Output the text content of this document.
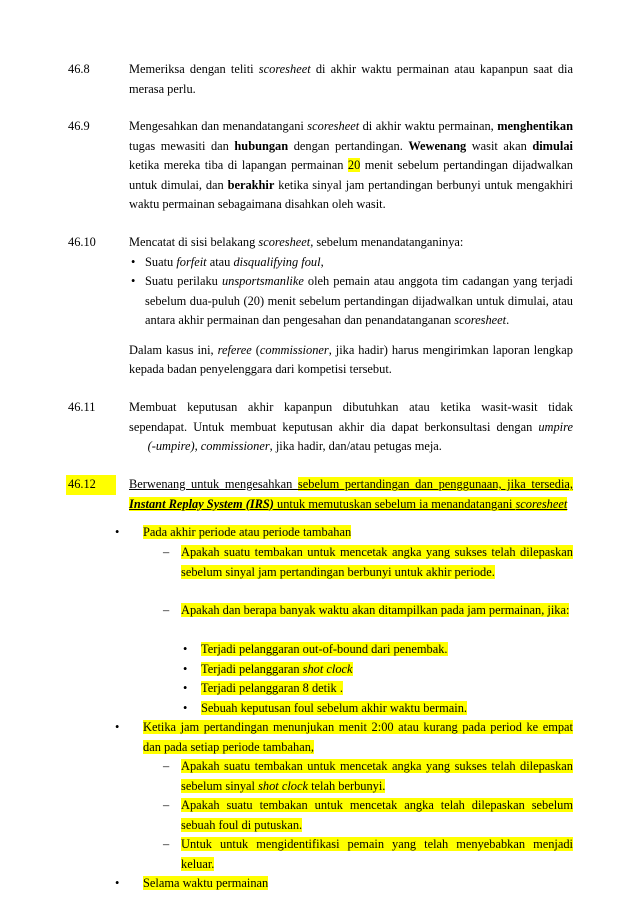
46.8	Memeriksa dengan teliti scoresheet di akhir waktu permainan atau kapanpun saat dia merasa perlu.

46.9	Mengesahkan dan menandatangani scoresheet di akhir waktu permainan, menghentikan tugas mewasiti dan hubungan dengan pertandingan. Wewenang wasit akan dimulai ketika mereka tiba di lapangan permainan 20 menit sebelum pertandingan dijadwalkan untuk dimulai, dan berakhir ketika sinyal jam pertandingan berbunyi untuk mengakhiri waktu permainan sebagaimana disahkan oleh wasit.

46.10	Mencatat di sisi belakang scoresheet, sebelum menandatanganinya:

• Suatu forfeit atau disqualifying foul,

• Suatu perilaku unsportsmanlike oleh pemain atau anggota tim cadangan yang terjadi sebelum dua-puluh (20) menit sebelum pertandingan dijadwalkan untuk dimulai, atau antara akhir permainan dan pengesahan dan penandatanganan scoresheet.

Dalam kasus ini, referee (commissioner, jika hadir) harus mengirimkan laporan lengkap kepada badan penyelenggara dari kompetisi tersebut.

46.11	Membuat keputusan akhir kapanpun dibutuhkan atau ketika wasit-wasit tidak sependapat. Untuk membuat keputusan akhir dia dapat berkonsultasi dengan umpire      (-umpire), commissioner, jika hadir, dan/atau petugas meja.

46.12	Berwenang untuk mengesahkan sebelum pertandingan dan penggunaan, jika tersedia, Instant Replay System (IRS) untuk memutuskan sebelum ia menandatangani scoresheet

• Pada akhir periode atau periode tambahan
– Apakah suatu tembakan untuk mencetak angka yang sukses telah dilepaskan sebelum sinyal jam pertandingan berbunyi untuk akhir periode.
– Apakah dan berapa banyak waktu akan ditampilkan pada jam permainan, jika:
• Terjadi pelanggaran out-of-bound dari penembak.
• Terjadi pelanggaran shot clock
• Terjadi pelanggaran 8 detik .
• Sebuah keputusan foul sebelum akhir waktu bermain.
• Ketika jam pertandingan menunjukan menit 2:00 atau kurang pada period ke empat dan pada setiap periode tambahan,
– Apakah suatu tembakan untuk mencetak angka yang sukses telah dilepaskan sebelum sinyal shot clock telah berbunyi.
– Apakah suatu tembakan untuk mencetak angka telah dilepaskan sebelum sebuah foul di putuskan.
– Untuk untuk mengidentifikasi pemain yang telah menyebabkan menjadi keluar.
• Selama waktu permainan
